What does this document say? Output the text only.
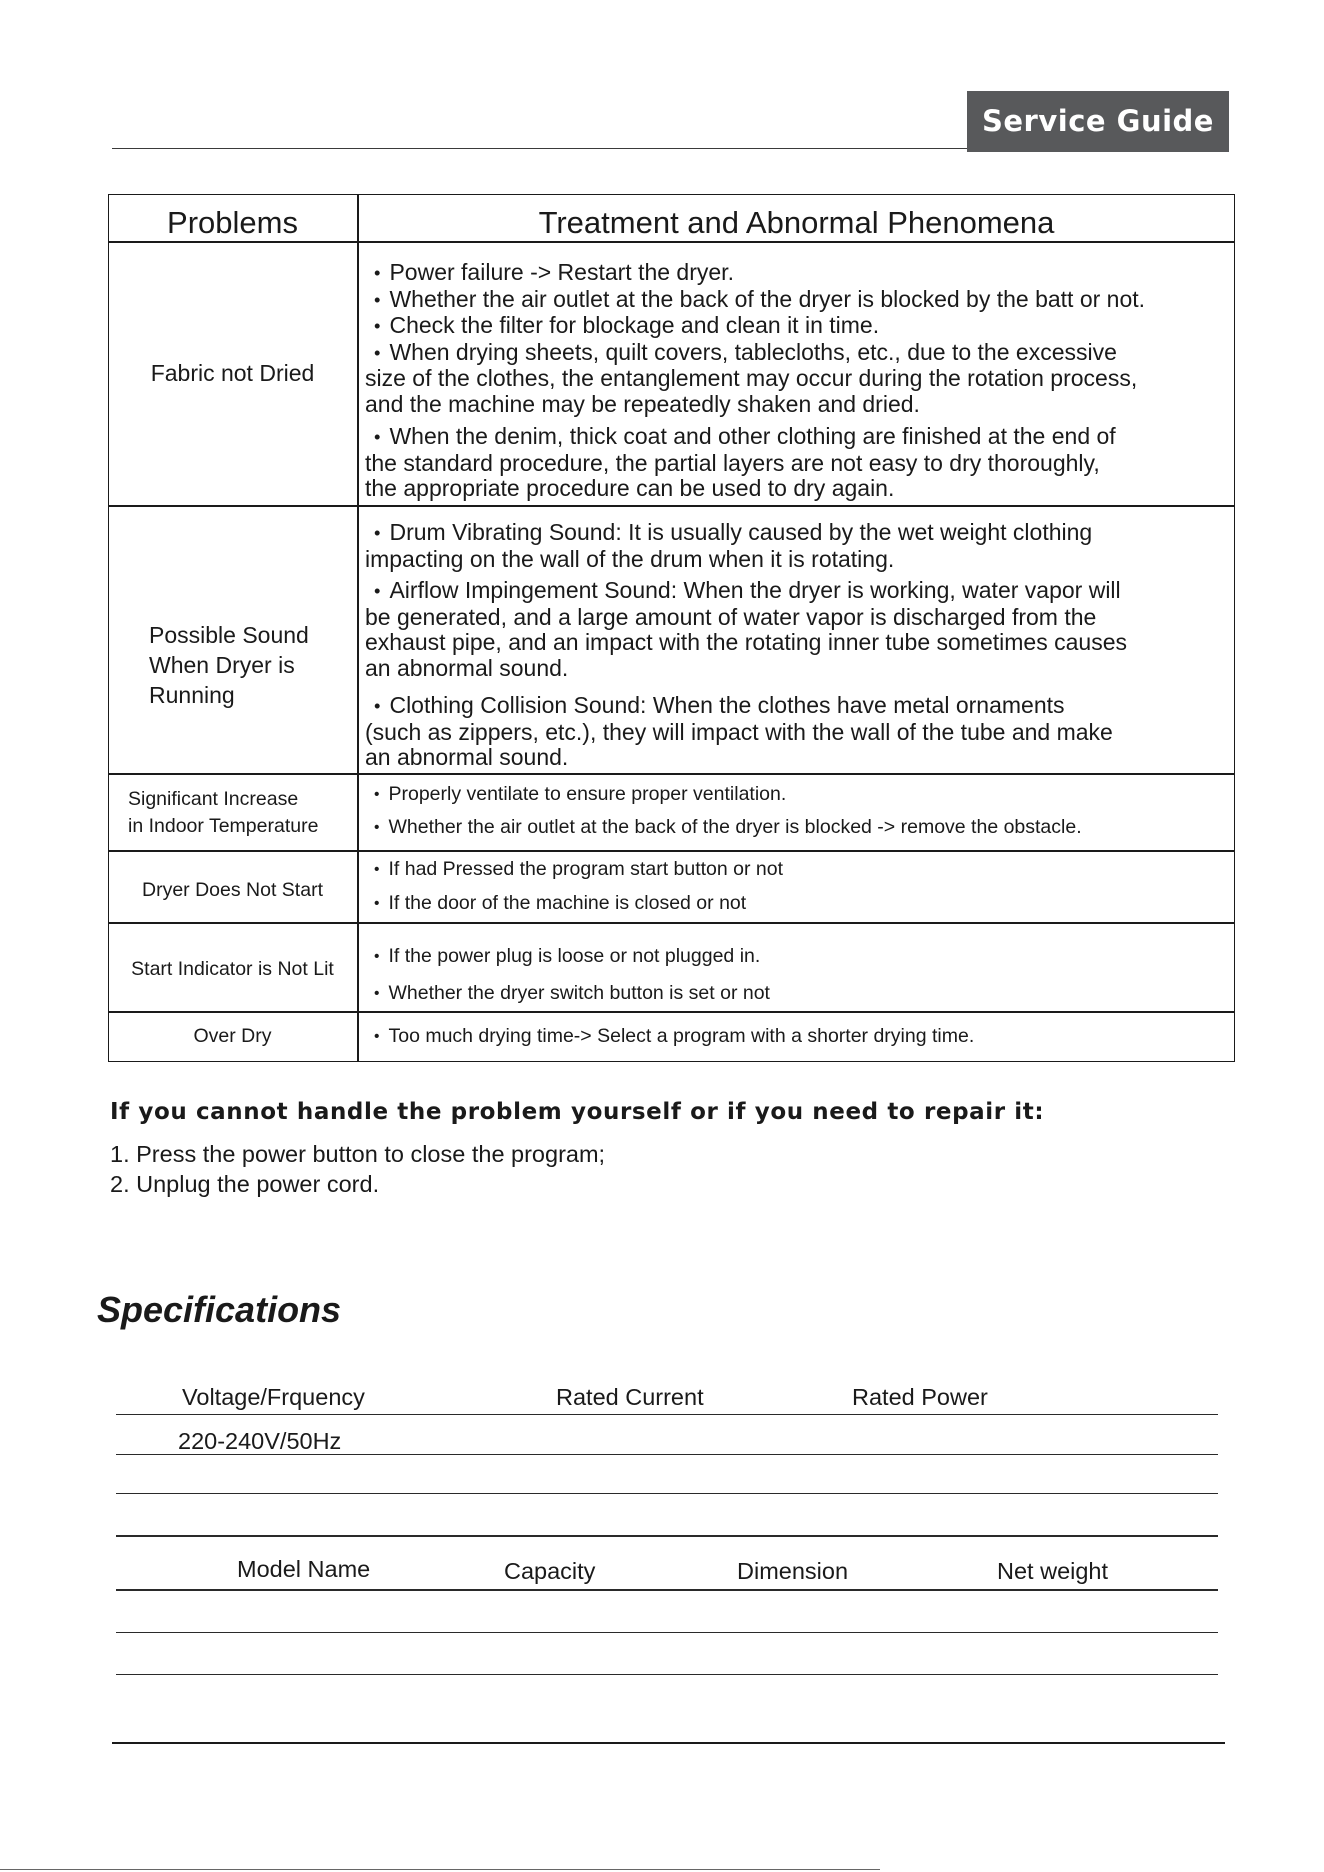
Service Guide
Problems	Treatment and Abnormal Phenomena
Fabric not Dried

• Power failure -> Restart the dryer.

• Whether the air outlet at the back of the dryer is blocked by the batt or not.

• Check the filter for blockage and clean it in time.

• When drying sheets, quilt covers, tablecloths, etc., due to the excessive

size of the clothes, the entanglement may occur during the rotation process,

and the machine may be repeatedly shaken and dried.

• When the denim, thick coat and other clothing are finished at the end of

the standard procedure, the partial layers are not easy to dry thoroughly,

the appropriate procedure can be used to dry again.

Possible Sound
When Dryer is
Running

• Drum Vibrating Sound: It is usually caused by the wet weight clothing

impacting on the wall of the drum when it is rotating.

• Airflow Impingement Sound: When the dryer is working, water vapor will

be generated, and a large amount of water vapor is discharged from the

exhaust pipe, and an impact with the rotating inner tube sometimes causes

an abnormal sound.

• Clothing Collision Sound: When the clothes have metal ornaments

(such as zippers, etc.), they will impact with the wall of the tube and make

an abnormal sound.

Significant Increase
in Indoor Temperature

• Properly ventilate to ensure proper ventilation.

• Whether the air outlet at the back of the dryer is blocked -> remove the obstacle.

Dryer Does Not Start

• If had Pressed the program start button or not

• If the door of the machine is closed or not

Start Indicator is Not Lit

• If the power plug is loose or not plugged in.

• Whether the dryer switch button is set or not

Over Dry

•	Too much drying time-> Select a program with a shorter drying time.

If you cannot handle the problem yourself or if you need to repair it:

1. Press the power button to close the program;

2. Unplug the power cord.

Specifications
Voltage/Frquency	Rated Current	Rated Power
220-240V/50Hz
Model Name	Capacity	Dimension	Net weight
